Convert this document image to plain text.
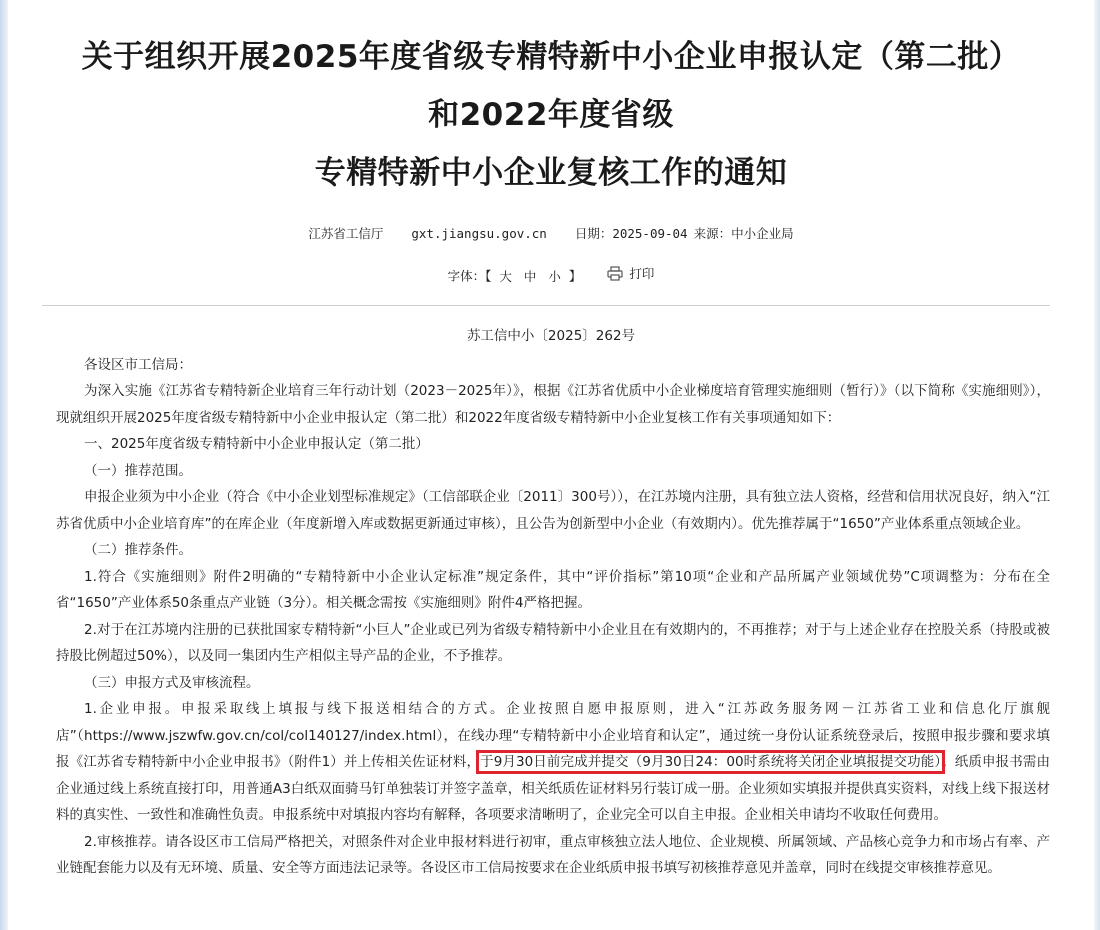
关于组织开展2025年度省级专精特新中小企业申报认定（第二批）
和2022年度省级
专精特新中小企业复核工作的通知
江苏省工信厅 gxt.jiangsu.gov.cn 日期：2025-09-04 来源：中小企业局
字体：【 大 中 小 】	打印
苏工信中小〔2025〕262号

各设区市工信局：

为深入实施《江苏省专精特新企业培育三年行动计划（2023－2025年）》，根据《江苏省优质中小企业梯度培育管理实施细则（暂行）》（以下简称《实施细则》），现就组织开展2025年度省级专精特新中小企业申报认定（第二批）和2022年度省级专精特新中小企业复核工作有关事项通知如下：

一、2025年度省级专精特新中小企业申报认定（第二批）

（一）推荐范围。

申报企业须为中小企业（符合《中小企业划型标准规定》（工信部联企业〔2011〕300号）），在江苏境内注册，具有独立法人资格，经营和信用状况良好，纳入“江苏省优质中小企业培育库”的在库企业（年度新增入库或数据更新通过审核），且公告为创新型中小企业（有效期内）。优先推荐属于“1650”产业体系重点领域企业。

（二）推荐条件。

1.符合《实施细则》附件2明确的“专精特新中小企业认定标准”规定条件，其中“评价指标”第10项“企业和产品所属产业领域优势”C项调整为：分布在全省“1650”产业体系50条重点产业链（3分）。相关概念需按《实施细则》附件4严格把握。

2.对于在江苏境内注册的已获批国家专精特新“小巨人”企业或已列为省级专精特新中小企业且在有效期内的，不再推荐；对于与上述企业存在控股关系（持股或被持股比例超过50%），以及同一集团内生产相似主导产品的企业，不予推荐。

（三）申报方式及审核流程。

1.企业申报。申报采取线上填报与线下报送相结合的方式。企业按照自愿申报原则，进入“江苏政务服务网－江苏省工业和信息化厅旗舰店”（https://www.jszwfw.gov.cn/col/col140127/index.html），在线办理“专精特新中小企业培育和认定”，通过统一身份认证系统登录后，按照申报步骤和要求填报《江苏省专精特新中小企业申报书》（附件1）并上传相关佐证材料，于9月30日前完成并提交（9月30日24：00时系统将关闭企业填报提交功能）。纸质申报书需由企业通过线上系统直接打印，用普通A3白纸双面骑马钉单独装订并签字盖章，相关纸质佐证材料另行装订成一册。企业须如实填报并提供真实资料，对线上线下报送材料的真实性、一致性和准确性负责。申报系统中对填报内容均有解释，各项要求清晰明了，企业完全可以自主申报。企业相关申请均不收取任何费用。

2.审核推荐。请各设区市工信局严格把关，对照条件对企业申报材料进行初审，重点审核独立法人地位、企业规模、所属领域、产品核心竞争力和市场占有率、产业链配套能力以及有无环境、质量、安全等方面违法记录等。各设区市工信局按要求在企业纸质申报书填写初核推荐意见并盖章，同时在线提交审核推荐意见。
